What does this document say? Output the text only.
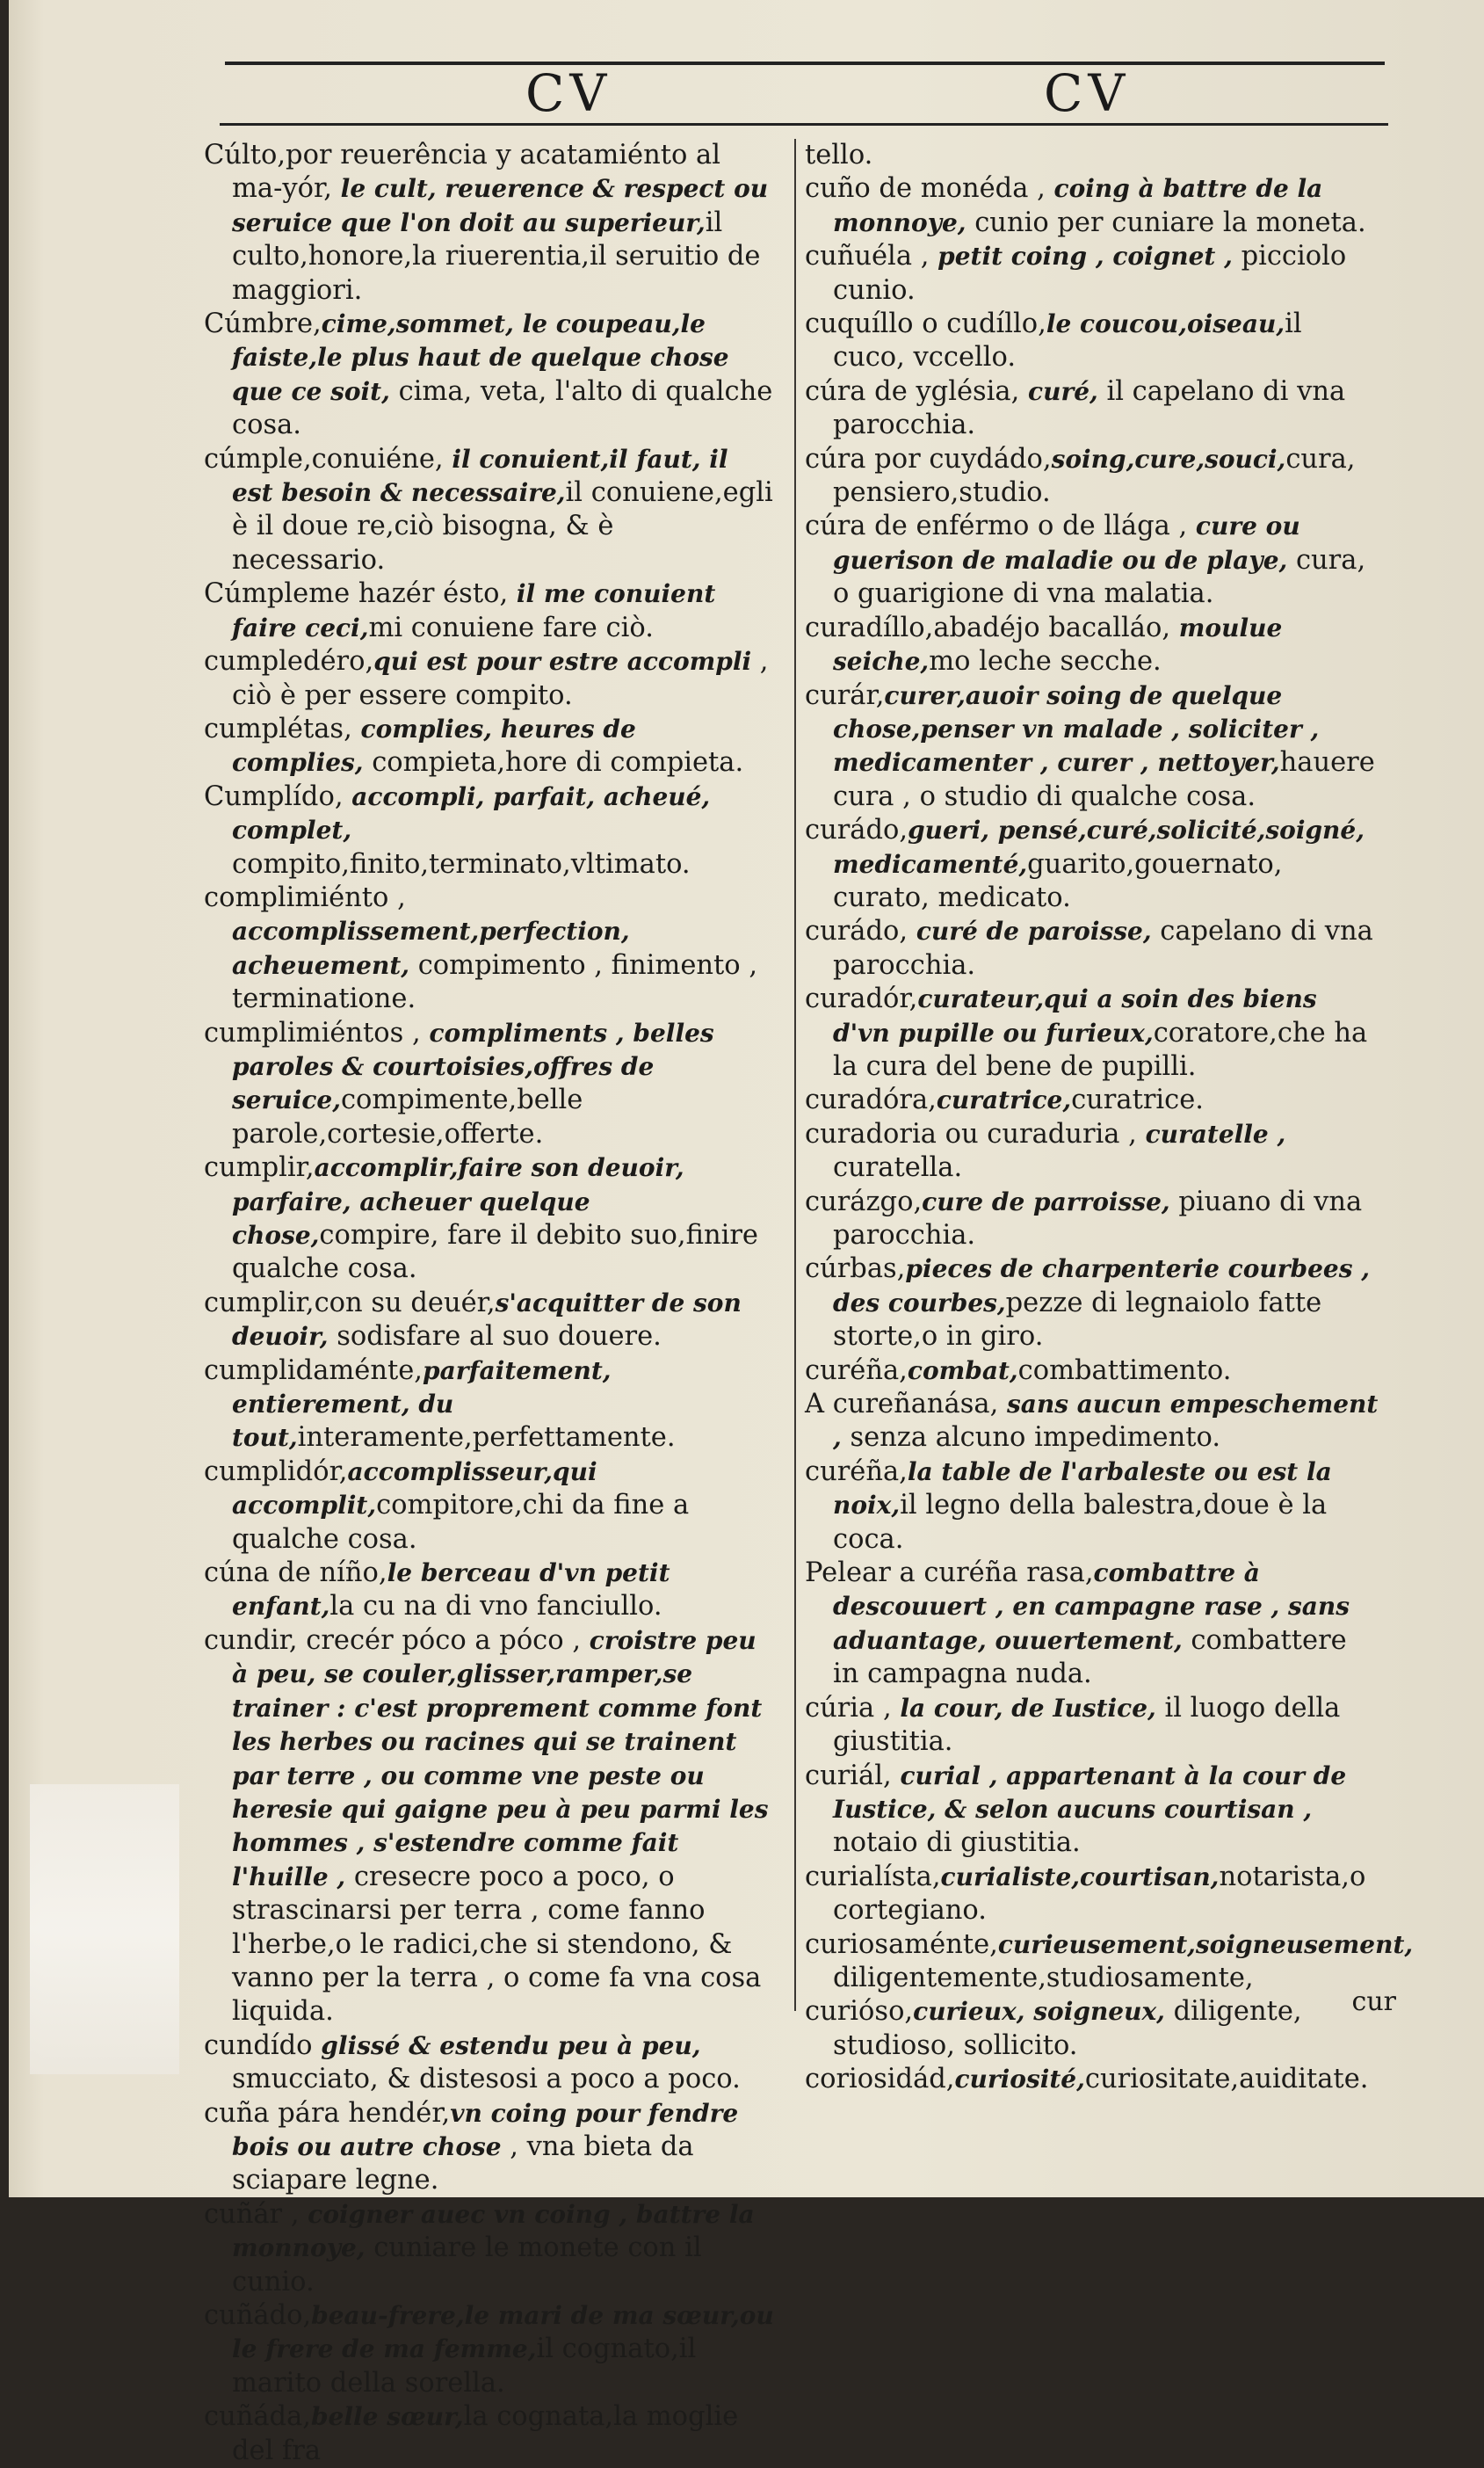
CV	CV

Cúlto,por reuerência y acatamiénto al ma-yór, le cult, reuerence & respect ou seruice que l'on doit au superieur,il culto,honore,la riuerentia,il seruitio de maggiori.

Cúmbre,cime,sommet, le coupeau,le faiste,le plus haut de quelque chose que ce soit, cima, veta, l'alto di qualche cosa.

cúmple,conuiéne, il conuient,il faut, il est besoin & necessaire,il conuiene,egli è il doue re,ciò bisogna, & è necessario.

Cúmpleme hazér ésto, il me conuient faire ceci,mi conuiene fare ciò.

cumpledéro,qui est pour estre accompli , ciò è per essere compito.

cumplétas, complies, heures de complies, compieta,hore di compieta.

Cumplído, accompli, parfait, acheué, complet, compito,finito,terminato,vltimato.

complimiénto , accomplissement,perfection, acheuement, compimento , finimento , terminatione.

cumplimiéntos , compliments , belles paroles & courtoisies,offres de seruice,compimente,belle parole,cortesie,offerte.

cumplir,accomplir,faire son deuoir, parfaire, acheuer quelque chose,compire, fare il debito suo,finire qualche cosa.

cumplir,con su deuér,s'acquitter de son deuoir, sodisfare al suo douere.

cumplidaménte,parfaitement, entierement, du tout,interamente,perfettamente.

cumplidór,accomplisseur,qui accomplit,compitore,chi da fine a qualche cosa.

cúna de níño,le berceau d'vn petit enfant,la cu na di vno fanciullo.

cundir, crecér póco a póco , croistre peu à peu, se couler,glisser,ramper,se trainer : c'est proprement comme font les herbes ou racines qui se trainent par terre , ou comme vne peste ou heresie qui gaigne peu à peu parmi les hommes , s'estendre comme fait l'huille , cresecre poco a poco, o strascinarsi per terra , come fanno l'herbe,o le radici,che si stendono, & vanno per la terra , o come fa vna cosa liquida.

cundído glissé & estendu peu à peu, smucciato, & distesosi a poco a poco.

cuña pára hendér,vn coing pour fendre bois ou autre chose , vna bieta da sciapare legne.

cuñár , coigner auec vn coing , battre la monnoye, cuniare le monete con il cunio.

cuñádo,beau-frere,le mari de ma sœur,ou le frere de ma femme,il cognato,il marito della sorella.

cuñáda,belle sœur,la cognata,la moglie del fra

tello.

cuño de monéda , coing à battre de la monnoye, cunio per cuniare la moneta.

cuñuéla , petit coing , coignet , picciolo cunio.

cuquíllo o cudíllo,le coucou,oiseau,il cuco, vccello.

cúra de yglésia, curé, il capelano di vna parocchia.

cúra por cuydádo,soing,cure,souci,cura, pensiero,studio.

cúra de enférmo o de llága , cure ou guerison de maladie ou de playe, cura, o guarigione di vna malatia.

curadíllo,abadéjo bacalláo, moulue seiche,mo leche secche.

curár,curer,auoir soing de quelque chose,penser vn malade , soliciter , medicamenter , curer , nettoyer,hauere cura , o studio di qualche cosa.

curádo,gueri, pensé,curé,solicité,soigné, medicamenté,guarito,gouernato, curato, medicato.

curádo, curé de paroisse, capelano di vna parocchia.

curadór,curateur,qui a soin des biens d'vn pupille ou furieux,coratore,che ha la cura del bene de pupilli.

curadóra,curatrice,curatrice.

curadoria ou curaduria , curatelle , curatella.

curázgo,cure de parroisse, piuano di vna parocchia.

cúrbas,pieces de charpenterie courbees , des courbes,pezze di legnaiolo fatte storte,o in giro.

curéña,combat,combattimento.

A cureñanása, sans aucun empeschement , senza alcuno impedimento.

curéña,la table de l'arbaleste ou est la noix,il legno della balestra,doue è la coca.

Pelear a curéña rasa,combattre à descouuert , en campagne rase , sans aduantage, ouuertement, combattere in campagna nuda.

cúria , la cour, de Iustice, il luogo della giustitia.

curiál, curial , appartenant à la cour de Iustice, & selon aucuns courtisan , notaio di giustitia.

curialísta,curialiste,courtisan,notarista,o cortegiano.

curiosaménte,curieusement,soigneusement, diligentemente,studiosamente,

curióso,curieux, soigneux, diligente, studioso, sollicito.

coriosidád,curiosité,curiositate,auiditate.

cur
